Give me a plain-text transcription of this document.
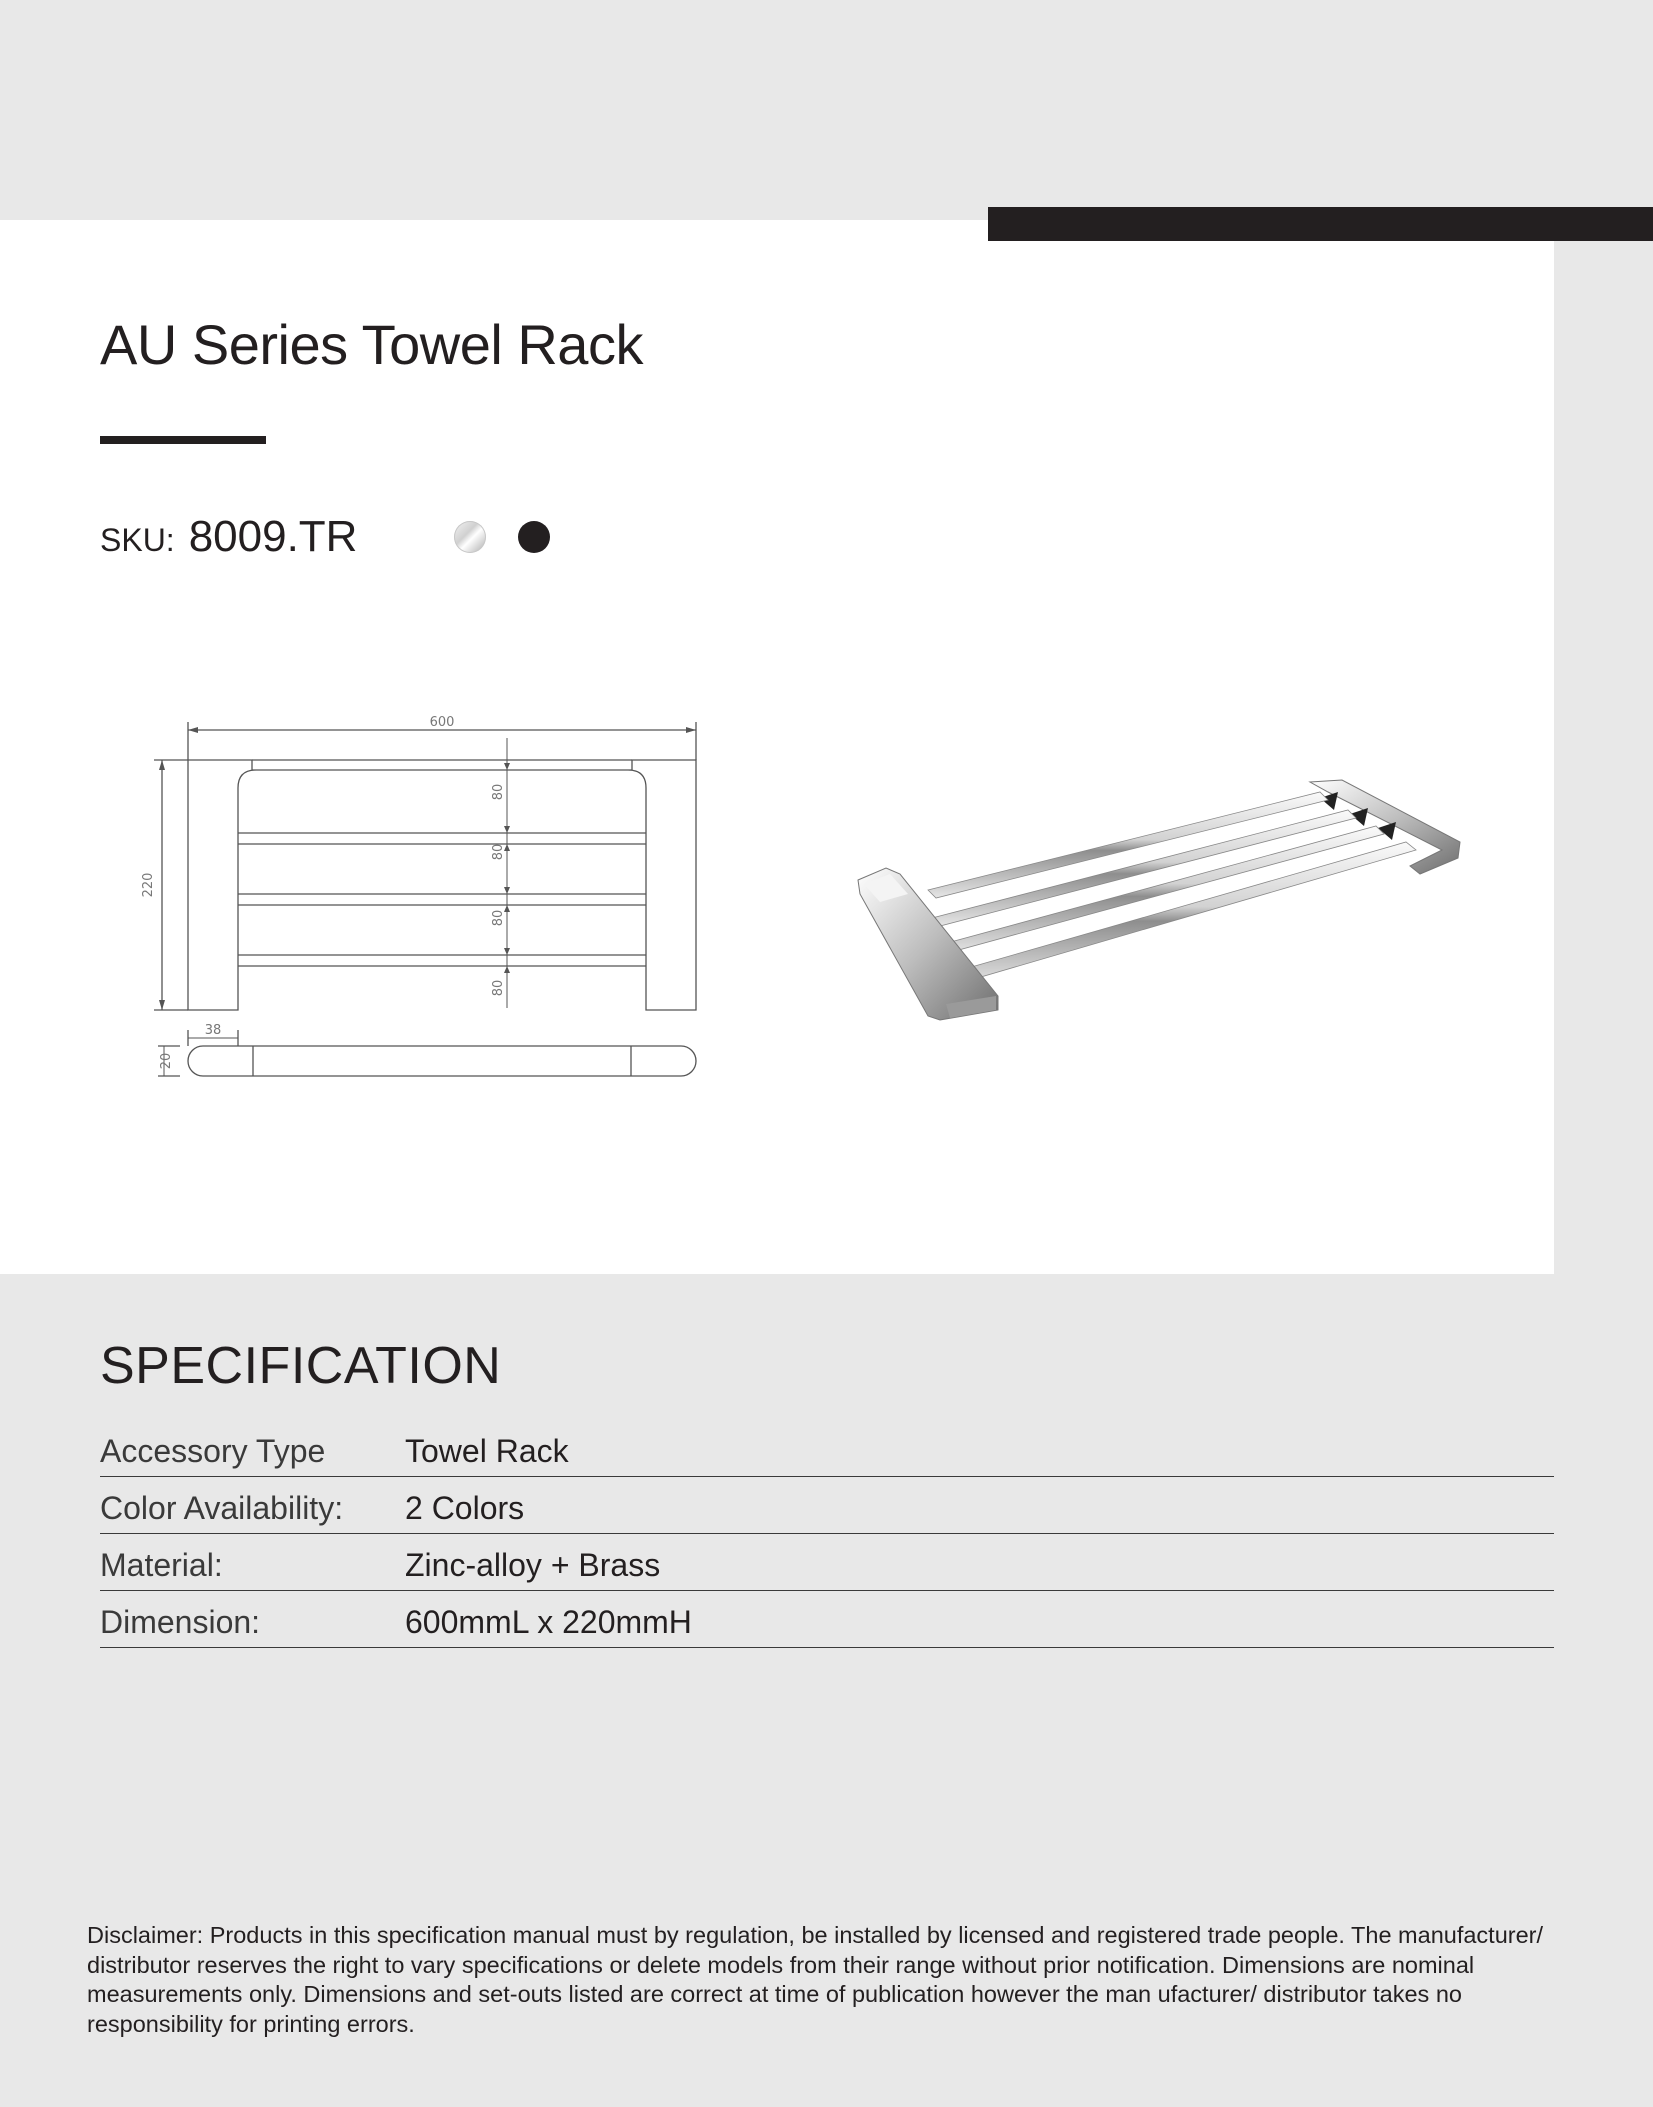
AU Series Towel Rack
SKU: 8009.TR
600
220
80
80
80
80
38
20
SPECIFICATION
Accessory Type Towel Rack
Color Availability: 2 Colors
Material:	Zinc-alloy + Brass
Dimension:	600mmL x 220mmH

Disclaimer: Products in this specification manual must by regulation, be installed by licensed and registered trade people. The manufacturer/ distributor reserves the right to vary specifications or delete models from their range without prior notification. Dimensions are nominal measurements only. Dimensions and set-outs listed are correct at time of publication however the man ufacturer/ distributor takes no responsibility for printing errors.
